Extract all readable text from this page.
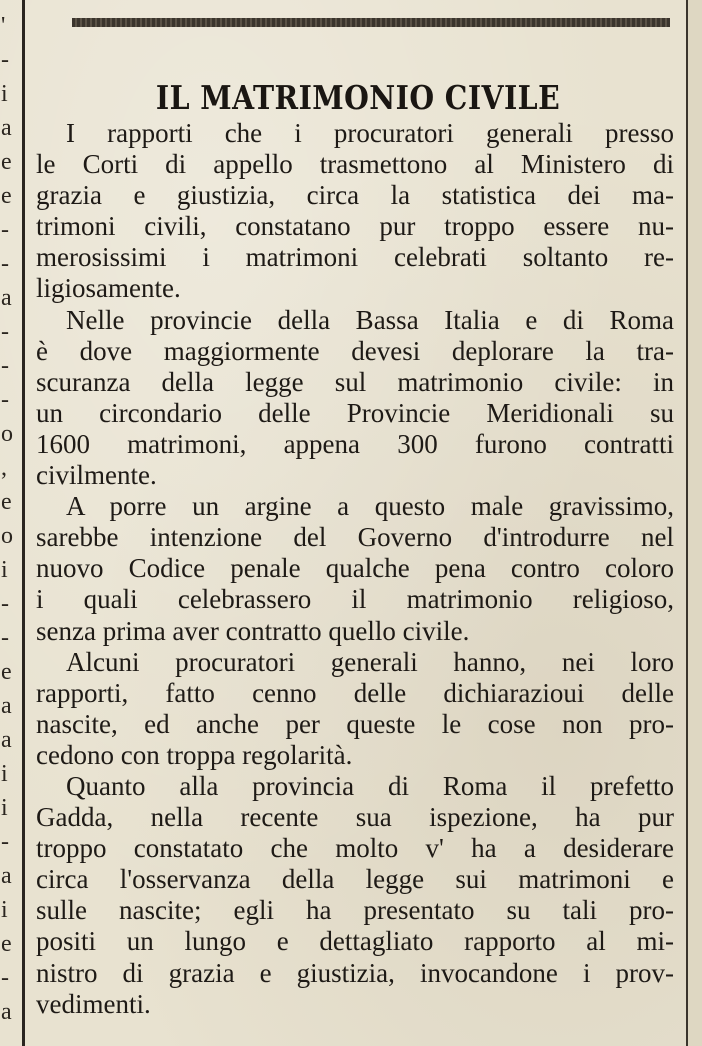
'
-
i
a
e
e
-
-
a
-
-
-
o
,
e
o
i
-
-
e
a
a
i
i
-
a
i
e
-
a
IL MATRIMONIO CIVILE
I rapporti che i procuratori generali presso
le Corti di appello trasmettono al Ministero di
grazia e giustizia, circa la statistica dei ma-
trimoni civili, constatano pur troppo essere nu-
merosissimi i matrimoni celebrati soltanto re-
ligiosamente.
Nelle provincie della Bassa Italia e di Roma
è dove maggiormente devesi deplorare la tra-
scuranza della legge sul matrimonio civile: in
un circondario delle Provincie Meridionali su
1600 matrimoni, appena 300 furono contratti
civilmente.
A porre un argine a questo male gravissimo,
sarebbe intenzione del Governo d'introdurre nel
nuovo Codice penale qualche pena contro coloro
i quali celebrassero il matrimonio religioso,
senza prima aver contratto quello civile.
Alcuni procuratori generali hanno, nei loro
rapporti, fatto cenno delle dichiarazioui delle
nascite, ed anche per queste le cose non pro-
cedono con troppa regolarità.
Quanto alla provincia di Roma il prefetto
Gadda, nella recente sua ispezione, ha pur
troppo constatato che molto v' ha a desiderare
circa l'osservanza della legge sui matrimoni e
sulle nascite; egli ha presentato su tali pro-
positi un lungo e dettagliato rapporto al mi-
nistro di grazia e giustizia, invocandone i prov-
vedimenti.
